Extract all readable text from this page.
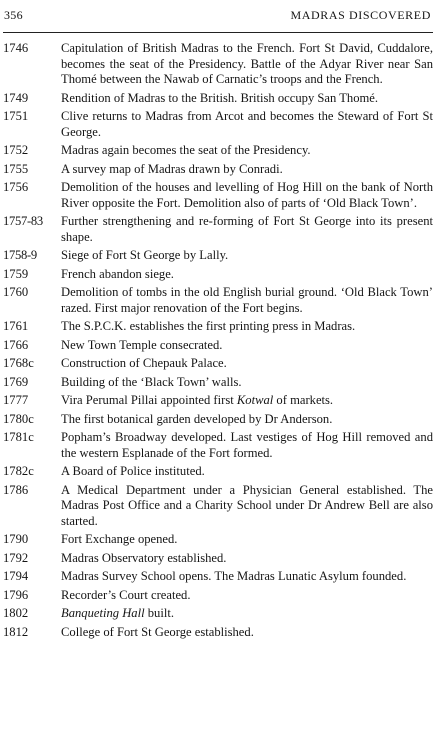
356	MADRAS DISCOVERED
1746	Capitulation of British Madras to the French. Fort St David, Cuddalore, becomes the seat of the Presidency. Battle of the Adyar River near San Thomé between the Nawab of Carnatic’s troops and the French.
1749	Rendition of Madras to the British. British occupy San Thomé.
1751	Clive returns to Madras from Arcot and becomes the Steward of Fort St George.
1752	Madras again becomes the seat of the Presidency.
1755	A survey map of Madras drawn by Conradi.
1756	Demolition of the houses and levelling of Hog Hill on the bank of North River opposite the Fort. Demolition also of parts of ‘Old Black Town’.
1757-83	Further strengthening and re-forming of Fort St George into its present shape.
1758-9	Siege of Fort St George by Lally.
1759	French abandon siege.
1760	Demolition of tombs in the old English burial ground. ‘Old Black Town’ razed. First major renovation of the Fort begins.
1761	The S.P.C.K. establishes the first printing press in Madras.
1766	New Town Temple consecrated.
1768c	Construction of Chepauk Palace.
1769	Building of the ‘Black Town’ walls.
1777	Vira Perumal Pillai appointed first Kotwal of markets.
1780c	The first botanical garden developed by Dr Anderson.
1781c	Popham’s Broadway developed. Last vestiges of Hog Hill removed and the western Esplanade of the Fort formed.
1782c	A Board of Police instituted.
1786	A Medical Department under a Physician General established. The Madras Post Office and a Charity School under Dr Andrew Bell are also started.
1790	Fort Exchange opened.
1792	Madras Observatory established.
1794	Madras Survey School opens. The Madras Lunatic Asylum founded.
1796	Recorder’s Court created.
1802	Banqueting Hall built.
1812	College of Fort St George established.
